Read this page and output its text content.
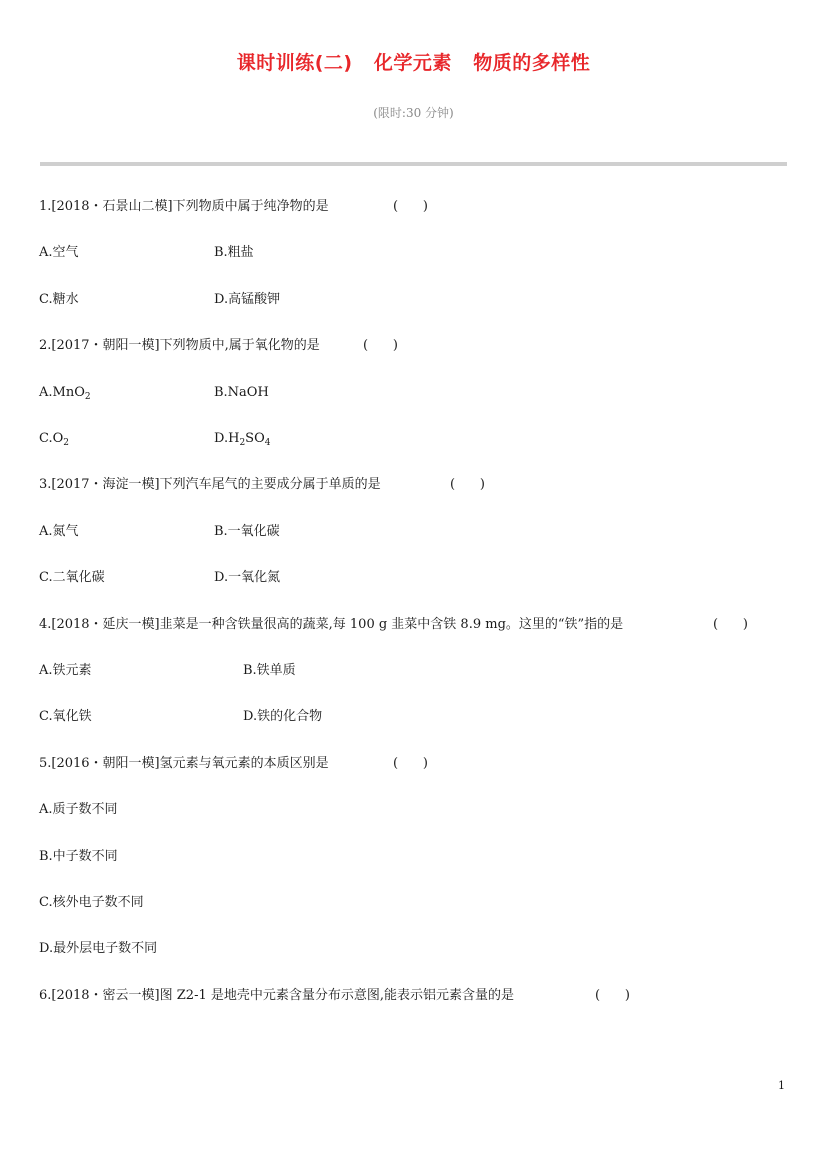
课时训练(二)   化学元素   物质的多样性
(限时:30 分钟)
1.[2018・石景山二模]下列物质中属于纯净物的是	(      )
A.空气	B.粗盐
C.糖水	D.高锰酸钾
2.[2017・朝阳一模]下列物质中,属于氧化物的是	(      )
A.MnO$_2$	B.NaOH
$C.O_2$	$D.H_2SO_4$
3.[2017・海淀一模]下列汽车尾气的主要成分属于单质的是	(      )
A.氮气	B.一氧化碳
C.二氧化碳	D.一氧化氮
4.[2018・延庆一模]韭菜是一种含铁量很高的蔬菜,每 100 g 韭菜中含铁 8.9 mg。这里的“铁”指的是	(      )
A.铁元素	B.铁单质
C.氧化铁	D.铁的化合物
5.[2016・朝阳一模]氢元素与氧元素的本质区别是	(      )
A.质子数不同
B.中子数不同
C.核外电子数不同
D.最外层电子数不同
6.[2018・密云一模]图 Z2-1 是地壳中元素含量分布示意图,能表示铝元素含量的是	(      )
1
